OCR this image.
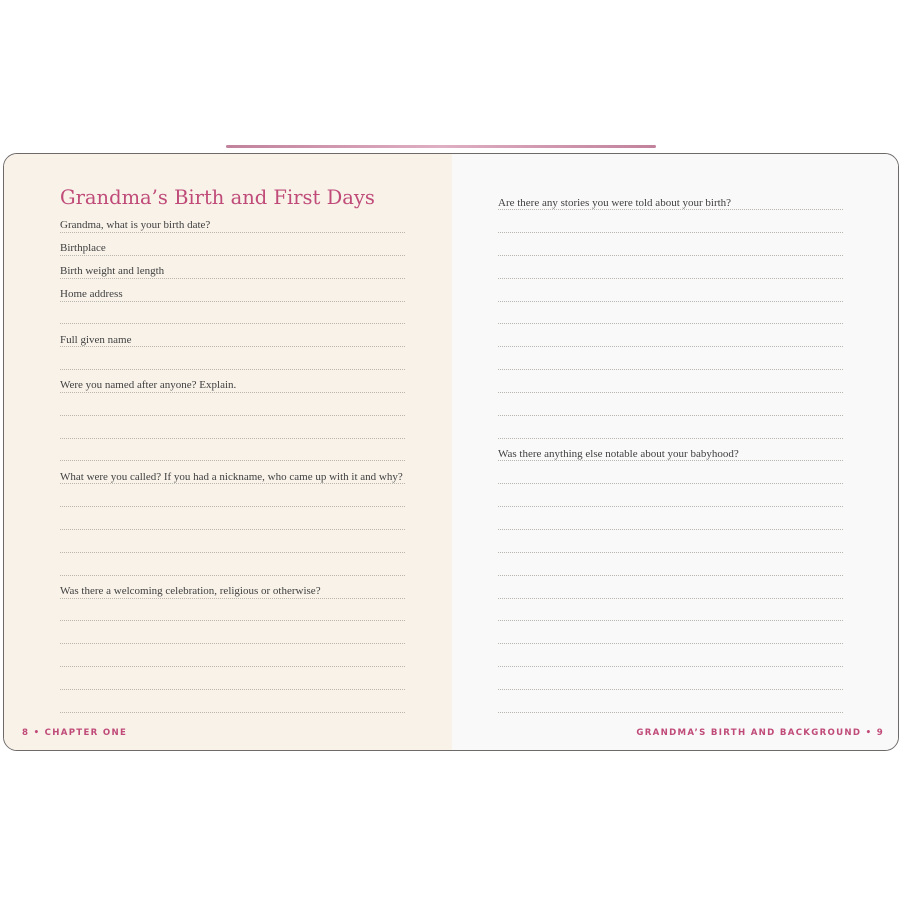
Grandma’s Birth and First Days
Grandma, what is your birth date?
Birthplace
Birth weight and length
Home address
Full given name
Were you named after anyone? Explain.
What were you called? If you had a nickname, who came up with it and why?
Was there a welcoming celebration, religious or otherwise?
8 • CHAPTER ONE
Are there any stories you were told about your birth?
Was there anything else notable about your babyhood?
GRANDMA’S BIRTH AND BACKGROUND • 9
